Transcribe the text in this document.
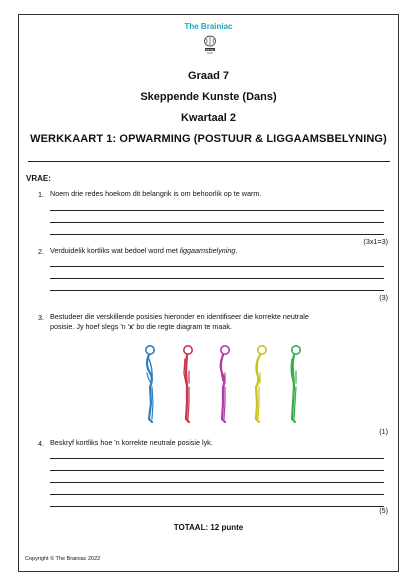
The Brainiac
BRAINIAC
Graad 7
Skeppende Kunste (Dans)
Kwartaal 2
WERKKAART 1: OPWARMING (POSTUUR & LIGGAAMSBELYNING)
VRAE:
1. Noem drie redes hoekom dit belangrik is om behoorlik op te warm.
(3x1=3)
2. Verduidelik kortliks wat bedoel word met liggaamsbelyning.
(3)
3. Bestudeer die verskillende posisies hieronder en identifiseer die korrekte neutrale
posisie. Jy hoef slegs 'n 'x' bo die regte diagram te maak.
(1)
4. Beskryf kortliks hoe 'n korrekte neutrale posisie lyk.
(5)
TOTAAL: 12 punte
Copyright © The Brainiac 2022
